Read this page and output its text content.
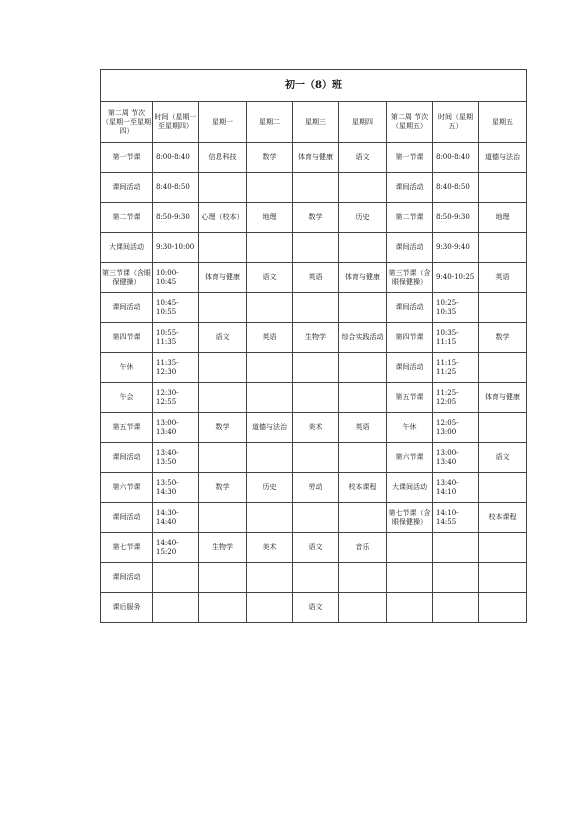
初一（8）班								
第二周 节次（星期一至星期四）	时间（星期一至星期四）	星期一	星期二	星期三	星期四	第二周 节次（星期五）	时间（星期五）	星期五
第一节课	8:00-8:40	信息科技	数学	体育与健康	语文	第一节课	8:00-8:40	道德与法治
课间活动	8:40-8:50					课间活动	8:40-8:50	
第二节课	8:50-9:30	心理（校本）	地理	数学	历史	第二节课	8:50-9:30	地理
大课间活动	9:30-10:00					课间活动	9:30-9:40	
第三节课（含眼保健操）	10:00-10:45	体育与健康	语文	英语	体育与健康	第三节课（含眼保健操）	9:40-10:25	英语
课间活动	10:45-10:55					课间活动	10:25-10:35	
第四节课	10:55-11:35	语文	英语	生物学	综合实践活动	第四节课	10:35-11:15	数学
午休	11:35-12:30					课间活动	11:15-11:25	
午会	12:30-12:55					第五节课	11:25-12:05	体育与健康
第五节课	13:00-13:40	数学	道德与法治	美术	英语	午休	12:05-13:00	
课间活动	13:40-13:50					第六节课	13:00-13:40	语文
第六节课	13:50-14:30	数学	历史	劳动	校本课程	大课间活动	13:40-14:10	
课间活动	14:30-14:40					第七节课（含眼保健操）	14:10-14:55	校本课程
第七节课	14:40-15:20	生物学	美术	语文	音乐			
课间活动								
课后服务				语文				
